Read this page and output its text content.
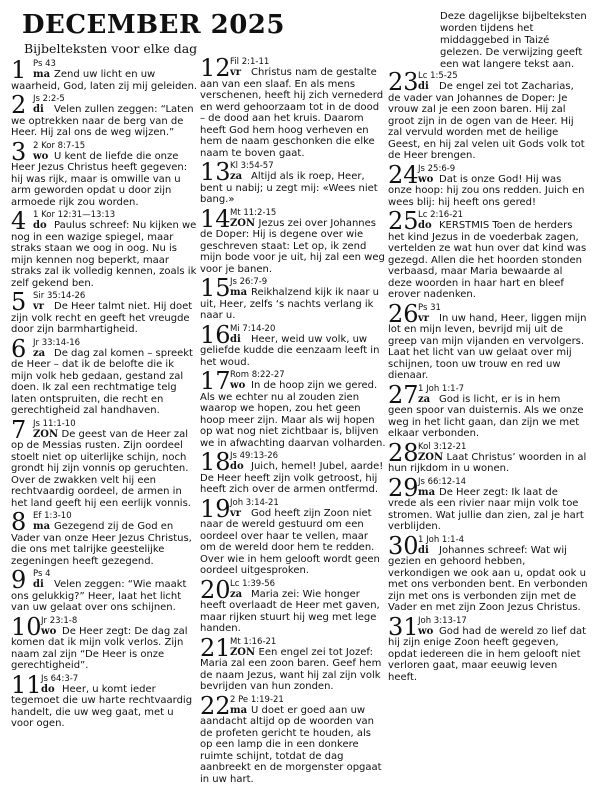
DECEMBER 2025
Bijbelteksten voor elke dag
Deze dagelijkse bijbelteksten worden tijdens het middaggebed in Taizé gelezen. De verwijzing geeft een wat langere tekst aan.
1 Ps 43
ma Zend uw licht en uw waarheid, God, laten zij mij geleiden.

2 Js 2:2-5
di	Velen zullen zeggen: “Laten we optrekken naar de berg van de Heer. Hij zal ons de weg wijzen.”

3 2 Kor 8:7-15
wo U kent de liefde die onze Heer Jezus Christus heeft gegeven: hij was rijk, maar is omwille van u arm geworden opdat u door zijn armoede rijk zou worden.

4 1 Kor 12:31—13:13
do Paulus schreef: Nu kijken we nog in een wazige spiegel, maar straks staan we oog in oog. Nu is mijn kennen nog beperkt, maar straks zal ik volledig kennen, zoals ik zelf gekend ben.

5 Sir 35:14-26
vr De Heer talmt niet. Hij doet zijn volk recht en geeft het vreugde door zijn barmhartigheid.

6 Jr 33:14-16
za De dag zal komen – spreekt de Heer – dat ik de belofte die ik mijn volk heb gedaan, gestand zal doen. Ik zal een rechtmatige telg laten ontspruiten, die recht en gerechtigheid zal handhaven.

7 Js 11:1-10
ZON De geest van de Heer zal op de Messias rusten. Zijn oordeel stoelt niet op uiterlijke schijn, noch grondt hij zijn vonnis op geruchten. Over de zwakken velt hij een rechtvaardig oordeel, de armen in het land geeft hij een eerlijk vonnis.

8 Ef 1:3-10
ma Gezegend zij de God en Vader van onze Heer Jezus Christus, die ons met talrijke geestelijke zegeningen heeft gezegend.

9 Ps 4
di	Velen zeggen: “Wie maakt ons gelukkig?” Heer, laat het licht van uw gelaat over ons schijnen.

10 Jr 23:1-8
wo De Heer zegt: De dag zal komen dat ik mijn volk verlos. Zijn naam zal zijn “De Heer is onze gerechtigheid”.

11 Js 64:3-7
do Heer, u komt ieder tegemoet die uw harte rechtvaardig handelt, die uw weg gaat, met u voor ogen.

12 Fil 2:1-11
vr Christus nam de gestalte aan van een slaaf. En als mens verschenen, heeft hij zich vernederd en werd gehoorzaam tot in de dood – de dood aan het kruis. Daarom heeft God hem hoog verheven en hem de naam geschonken die elke naam te boven gaat.

13 Kl 3:54-57
za Altijd als ik roep, Heer, bent u nabij; u zegt mij: «Wees niet bang.»

14 Mt 11:2-15
ZON Jezus zei over Johannes de Doper: Hij is degene over wie geschreven staat: Let op, ik zend mijn bode voor je uit, hij zal een weg voor je banen.

15 Js 26:7-9
ma Reikhalzend kijk ik naar u uit, Heer, zelfs ‘s nachts verlang ik naar u.

16 Mi 7:14-20
di	Heer, weid uw volk, uw geliefde kudde die eenzaam leeft in het woud.

17 Rom 8:22-27
wo In de hoop zijn we gered. Als we echter nu al zouden zien waarop we hopen, zou het geen hoop meer zijn. Maar als wij hopen op wat nog niet zichtbaar is, blijven we in afwachting daarvan volharden.

18 Js 49:13-26
do Juich, hemel! Jubel, aarde! De Heer heeft zijn volk getroost, hij heeft zich over de armen ontfermd.

19 Joh 3:14-21
vr God heeft zijn Zoon niet naar de wereld gestuurd om een oordeel over haar te vellen, maar om de wereld door hem te redden. Over wie in hem gelooft wordt geen oordeel uitgesproken.

20 Lc 1:39-56
za Maria zei: Wie honger heeft overlaadt de Heer met gaven, maar rijken stuurt hij weg met lege handen.

21 Mt 1:16-21
ZON Een engel zei tot Jozef: Maria zal een zoon baren. Geef hem de naam Jezus, want hij zal zijn volk bevrijden van hun zonden.

22 2 Pe 1:19-21
ma U doet er goed aan uw aandacht altijd op de woorden van de profeten gericht te houden, als op een lamp die in een donkere ruimte schijnt, totdat de dag aanbreekt en de morgenster opgaat in uw hart.

23 Lc 1:5-25
di	De engel zei tot Zacharias, de vader van Johannes de Doper: Je vrouw zal je een zoon baren. Hij zal groot zijn in de ogen van de Heer. Hij zal vervuld worden met de heilige Geest, en hij zal velen uit Gods volk tot de Heer brengen.

24 Js 25:6-9
wo Dat is onze God! Hij was onze hoop: hij zou ons redden. Juich en wees blij: hij heeft ons gered!

25 Lc 2:16-21
do KERSTMIS Toen de herders het kind Jezus in de voederbak zagen, vertelden ze wat hun over dat kind was gezegd. Allen die het hoorden stonden verbaasd, maar Maria bewaarde al deze woorden in haar hart en bleef erover nadenken.

26 Ps 31
vr In uw hand, Heer, liggen mijn lot en mijn leven, bevrijd mij uit de greep van mijn vijanden en vervolgers. Laat het licht van uw gelaat over mij schijnen, toon uw trouw en red uw dienaar.

27 1 Joh 1:1-7
za God is licht, er is in hem geen spoor van duisternis. Als we onze weg in het licht gaan, dan zijn we met elkaar verbonden.

28 Kol 3:12-21
ZON Laat Christus’ woorden in al hun rijkdom in u wonen.

29 Js 66:12-14
ma De Heer zegt: Ik laat de vrede als een rivier naar mijn volk toe stromen. Wat jullie dan zien, zal je hart verblijden.

30 1 Joh 1:1-4
di	Johannes schreef: Wat wij gezien en gehoord hebben, verkondigen we ook aan u, opdat ook u met ons verbonden bent. En verbonden zijn met ons is verbonden zijn met de Vader en met zijn Zoon Jezus Christus.

31 Joh 3:13-17
wo God had de wereld zo lief dat hij zijn enige Zoon heeft gegeven, opdat iedereen die in hem gelooft niet verloren gaat, maar eeuwig leven heeft.
